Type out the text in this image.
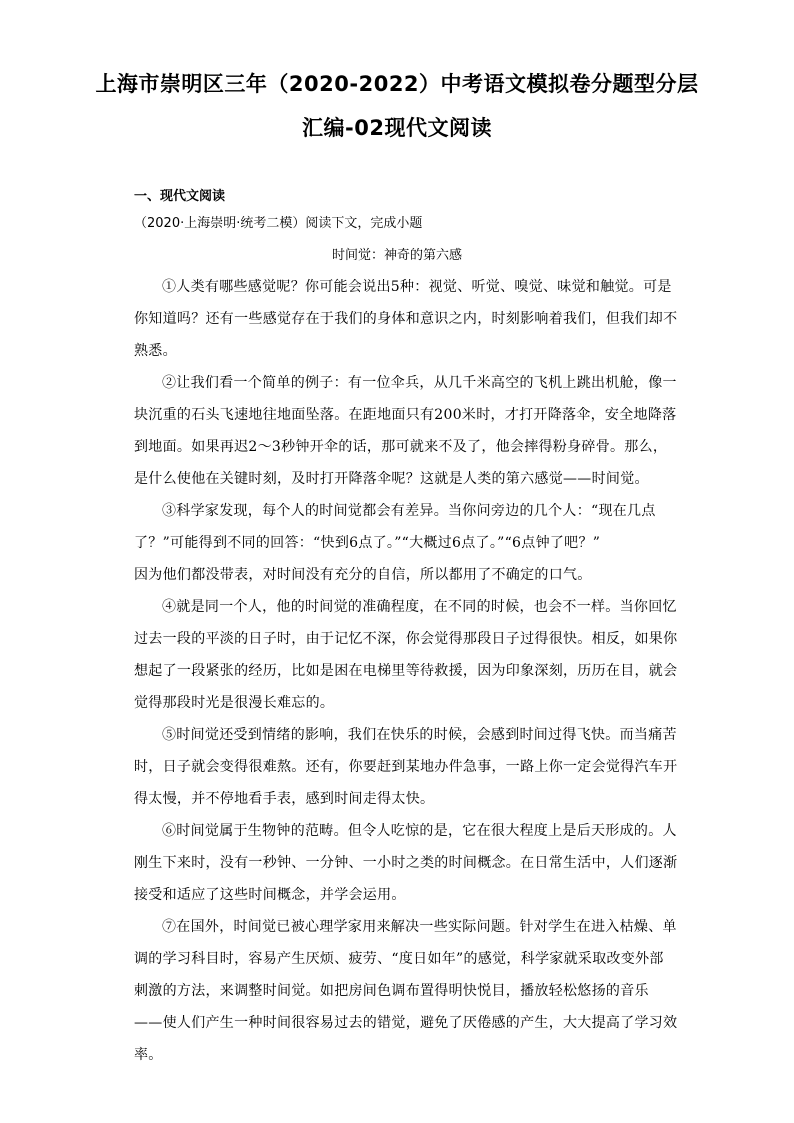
上海市崇明区三年（2020-2022）中考语文模拟卷分题型分层
汇编-02现代文阅读
一、现代文阅读
（2020·上海崇明·统考二模）阅读下文，完成小题
时间觉：神奇的第六感
①人类有哪些感觉呢？你可能会说出5种：视觉、听觉、嗅觉、味觉和触觉。可是
你知道吗？还有一些感觉存在于我们的身体和意识之内，时刻影响着我们，但我们却不
熟悉。
②让我们看一个简单的例子：有一位伞兵，从几千米高空的飞机上跳出机舱，像一
块沉重的石头飞速地往地面坠落。在距地面只有200米时，才打开降落伞，安全地降落
到地面。如果再迟2～3秒钟开伞的话，那可就来不及了，他会摔得粉身碎骨。那么，
是什么使他在关键时刻，及时打开降落伞呢？这就是人类的第六感觉——时间觉。
③科学家发现，每个人的时间觉都会有差异。当你问旁边的几个人：“现在几点
了？”可能得到不同的回答：“快到6点了。”“大概过6点了。”“6点钟了吧？”
因为他们都没带表，对时间没有充分的自信，所以都用了不确定的口气。
④就是同一个人，他的时间觉的准确程度，在不同的时候，也会不一样。当你回忆
过去一段的平淡的日子时，由于记忆不深，你会觉得那段日子过得很快。相反，如果你
想起了一段紧张的经历，比如是困在电梯里等待救援，因为印象深刻，历历在目，就会
觉得那段时光是很漫长难忘的。
⑤时间觉还受到情绪的影响，我们在快乐的时候，会感到时间过得飞快。而当痛苦
时，日子就会变得很难熬。还有，你要赶到某地办件急事，一路上你一定会觉得汽车开
得太慢，并不停地看手表，感到时间走得太快。
⑥时间觉属于生物钟的范畴。但令人吃惊的是，它在很大程度上是后天形成的。人
刚生下来时，没有一秒钟、一分钟、一小时之类的时间概念。在日常生活中，人们逐渐
接受和适应了这些时间概念，并学会运用。
⑦在国外，时间觉已被心理学家用来解决一些实际问题。针对学生在进入枯燥、单
调的学习科目时，容易产生厌烦、疲劳、“度日如年”的感觉，科学家就采取改变外部
刺激的方法，来调整时间觉。如把房间色调布置得明快悦目，播放轻松悠扬的音乐
——使人们产生一种时间很容易过去的错觉，避免了厌倦感的产生，大大提高了学习效
率。
